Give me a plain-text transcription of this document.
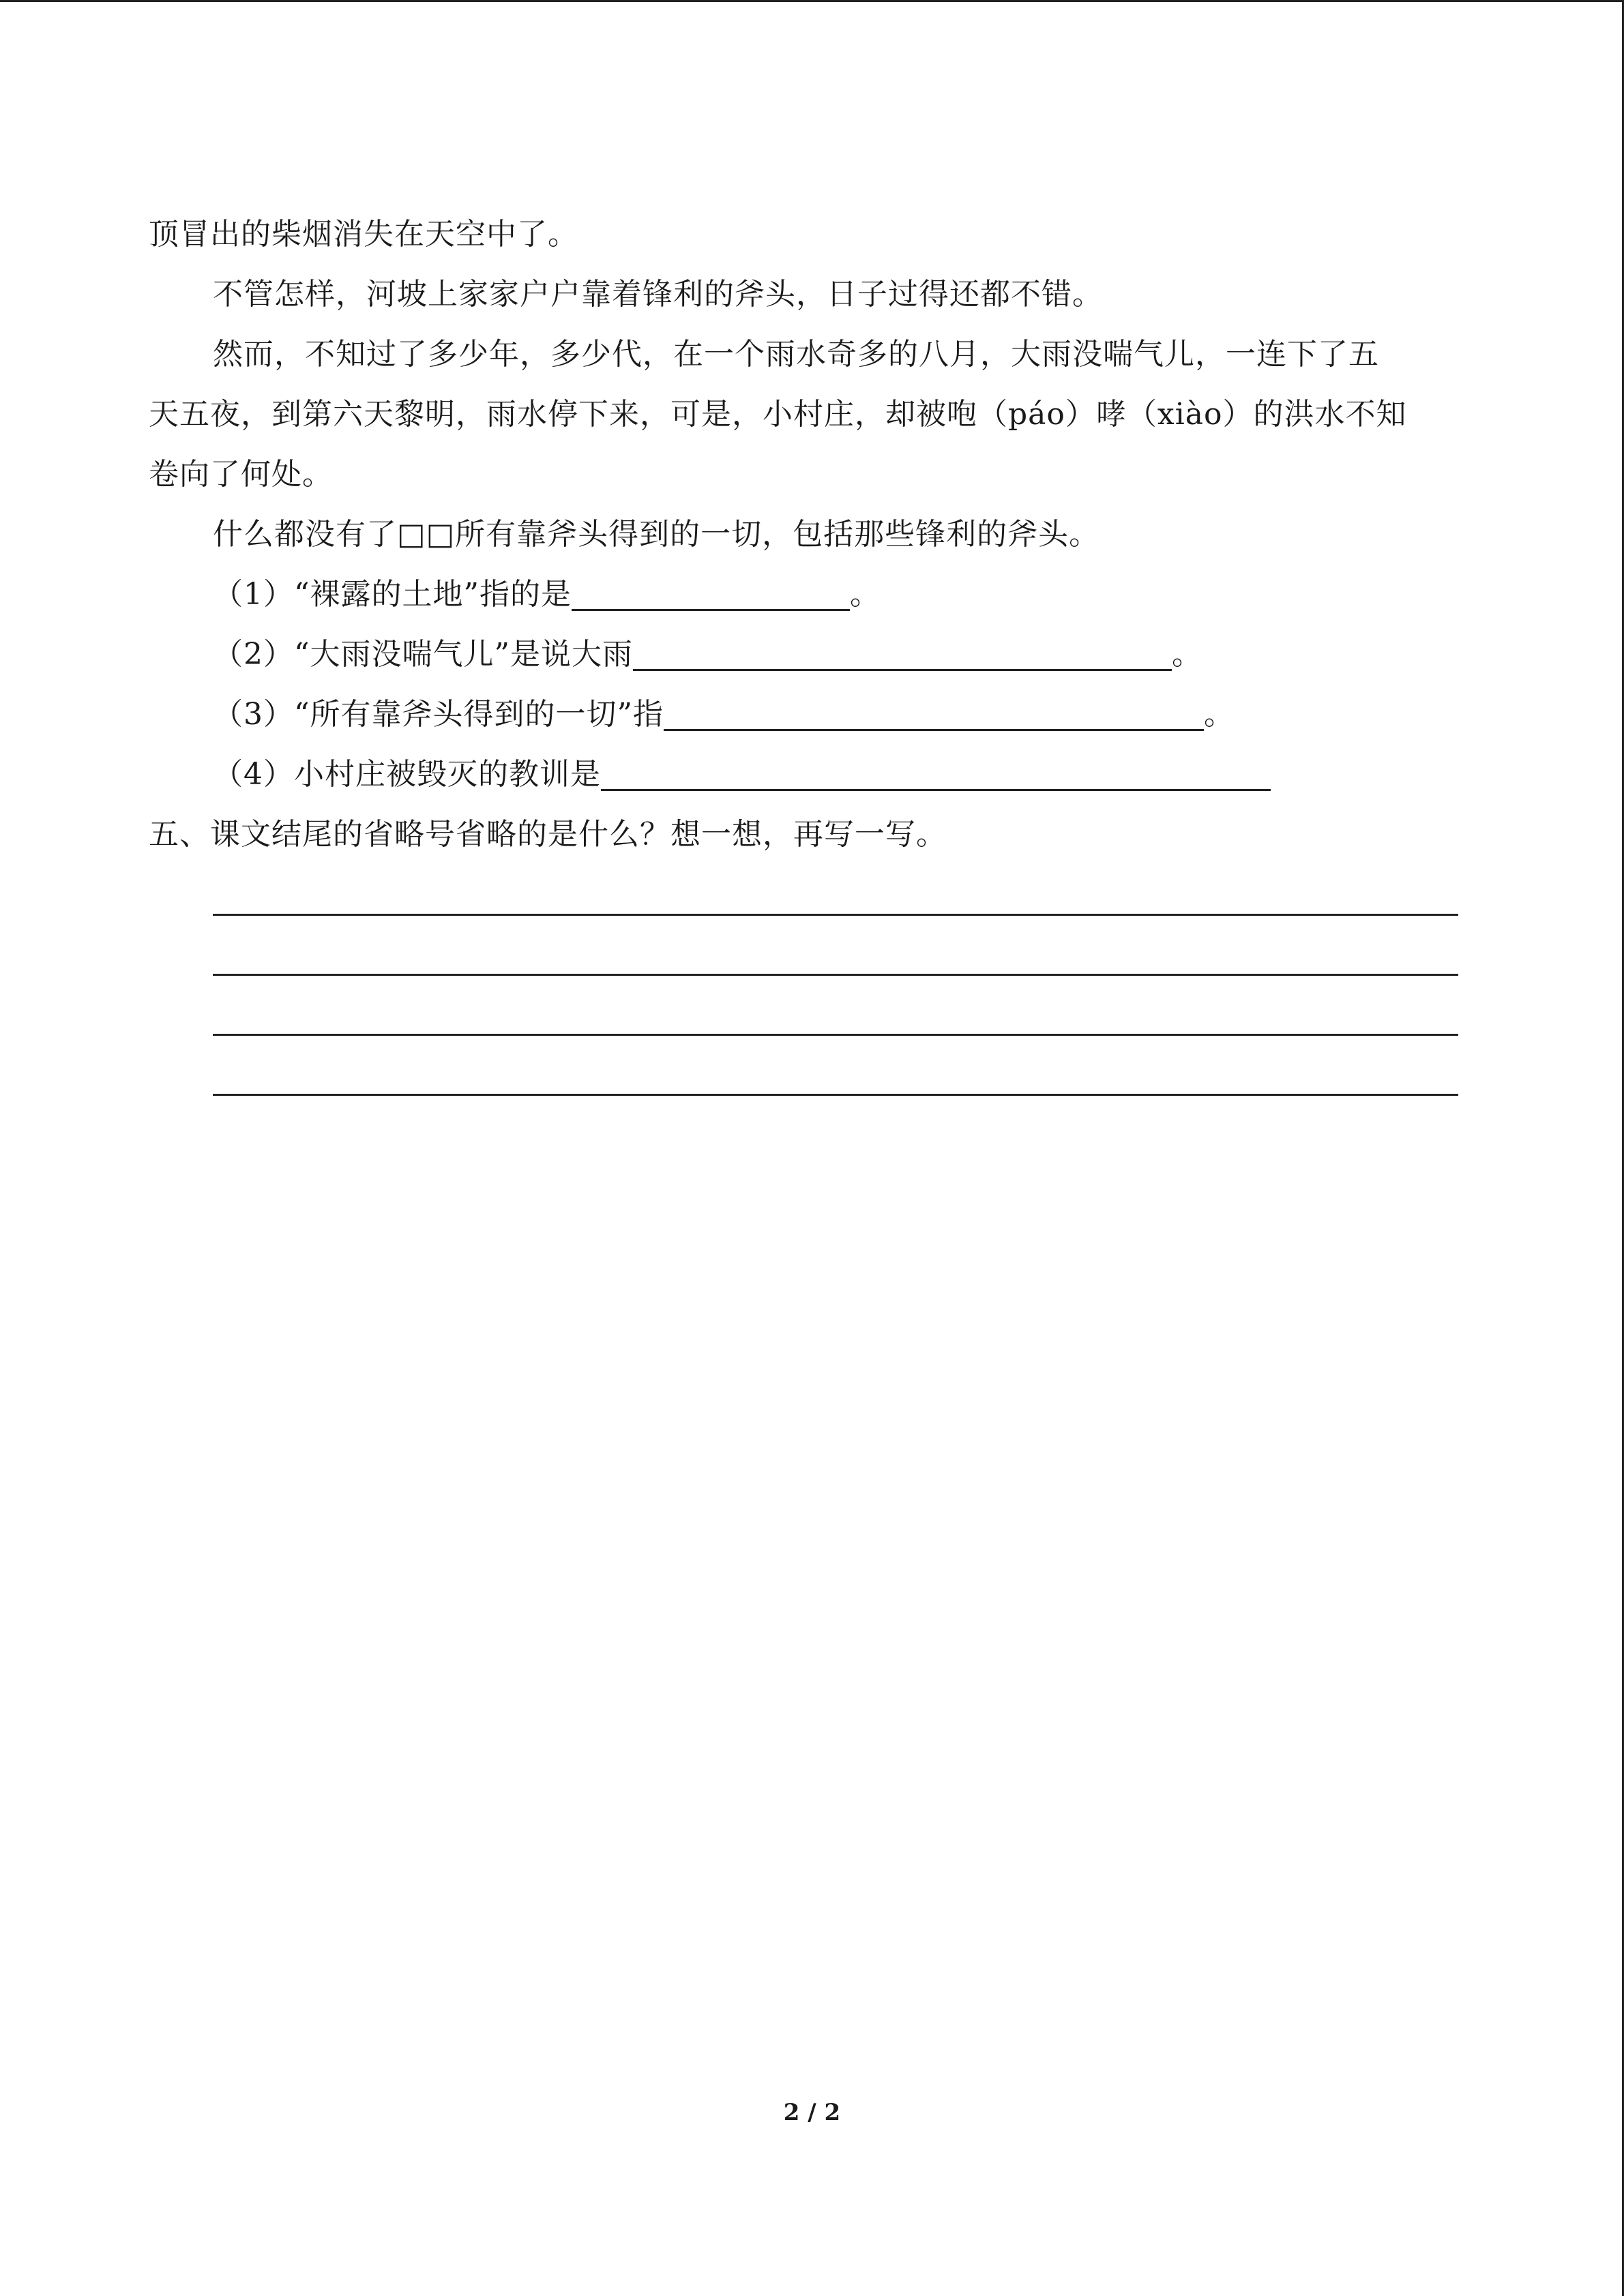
顶冒出的柴烟消失在天空中了。
不管怎样，河坡上家家户户靠着锋利的斧头，日子过得还都不错。
然而，不知过了多少年，多少代，在一个雨水奇多的八月，大雨没喘气儿，一连下了五
天五夜，到第六天黎明，雨水停下来，可是，小村庄，却被咆（páo）哮（xiào）的洪水不知
卷向了何处。
什么都没有了□□所有靠斧头得到的一切，包括那些锋利的斧头。
（1）“裸露的土地”指的是	。
（2）“大雨没喘气儿”是说大雨	。
（3）“所有靠斧头得到的一切”指	。
（4）小村庄被毁灭的教训是
五、课文结尾的省略号省略的是什么？想一想，再写一写。
2 / 2
